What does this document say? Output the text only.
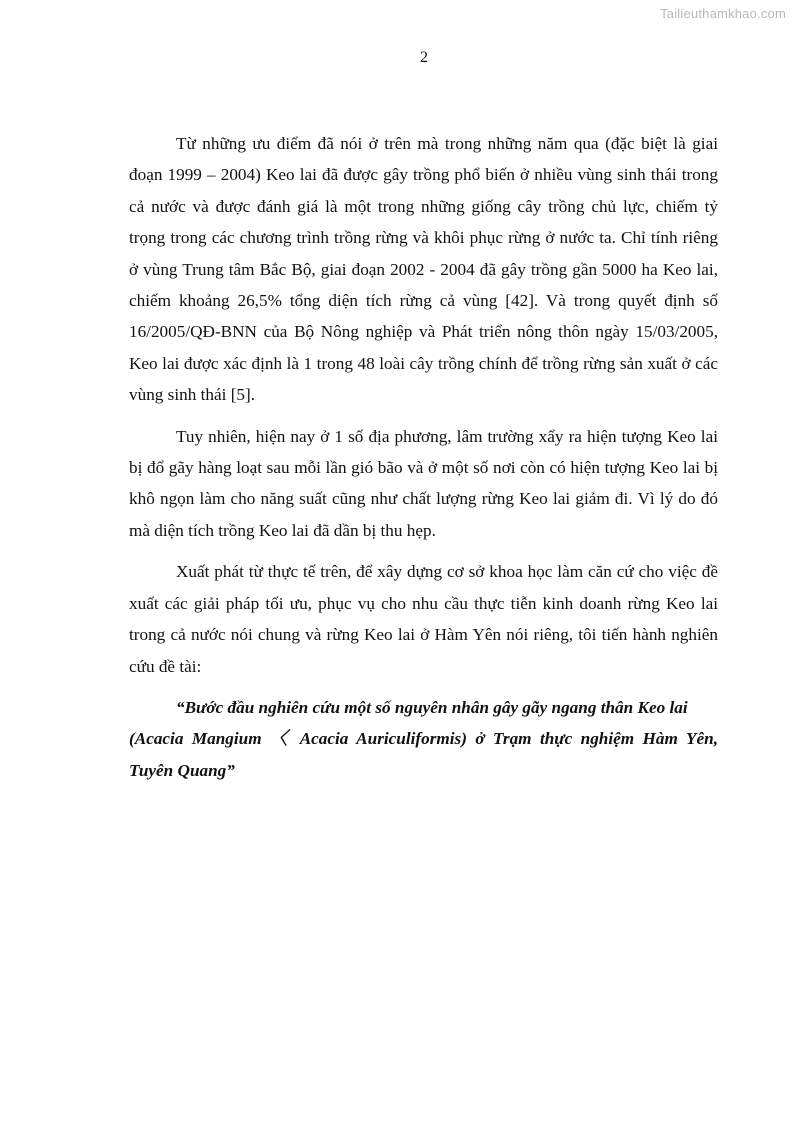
Tailieuthamkhao.com
2

Từ những ưu điểm đã nói ở trên mà trong những năm qua (đặc biệt là giai đoạn 1999 – 2004) Keo lai đã được gây trồng phổ biến ở nhiều vùng sinh thái trong cả nước và được đánh giá là một trong những giống cây trồng chủ lực, chiếm tỷ trọng trong các chương trình trồng rừng và khôi phục rừng ở nước ta. Chỉ tính riêng ở vùng Trung tâm Bắc Bộ, giai đoạn 2002 - 2004 đã gây trồng gần 5000 ha Keo lai, chiếm khoảng 26,5% tổng diện tích rừng cả vùng [42]. Và trong quyết định số 16/2005/QĐ-BNN của Bộ Nông nghiệp và Phát triển nông thôn ngày 15/03/2005, Keo lai được xác định là 1 trong 48 loài cây trồng chính để trồng rừng sản xuất ở các vùng sinh thái [5].

Tuy nhiên, hiện nay ở 1 số địa phương, lâm trường xẩy ra hiện tượng Keo lai bị đổ gãy hàng loạt sau mỗi lần gió bão và ở một số nơi còn có hiện tượng Keo lai bị khô ngọn làm cho năng suất cũng như chất lượng rừng Keo lai giảm đi. Vì lý do đó mà diện tích trồng Keo lai đã dần bị thu hẹp.

Xuất phát từ thực tế trên, để xây dựng cơ sở khoa học làm căn cứ cho việc đề xuất các giải pháp tối ưu, phục vụ cho nhu cầu thực tiễn kinh doanh rừng Keo lai trong cả nước nói chung và rừng Keo lai ở Hàm Yên nói riêng, tôi tiến hành nghiên cứu đề tài:

“Bước đầu nghiên cứu một số nguyên nhân gây gãy ngang thân Keo lai
(Acacia Mangium 〈 Acacia Auriculiformis) ở Trạm thực nghiệm Hàm Yên, Tuyên Quang”
